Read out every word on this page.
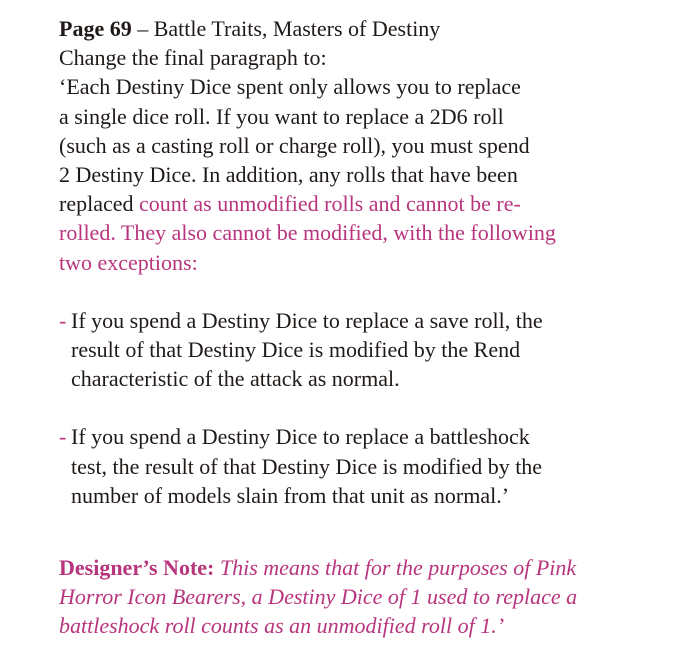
Page 69 – Battle Traits, Masters of Destiny
Change the final paragraph to:
‘Each Destiny Dice spent only allows you to replace
a single dice roll. If you want to replace a 2D6 roll
(such as a casting roll or charge roll), you must spend
2 Destiny Dice. In addition, any rolls that have been
replaced count as unmodified rolls and cannot be re-
rolled. They also cannot be modified, with the following
two exceptions:
- If you spend a Destiny Dice to replace a save roll, the
result of that Destiny Dice is modified by the Rend
characteristic of the attack as normal.
- If you spend a Destiny Dice to replace a battleshock
test, the result of that Destiny Dice is modified by the
number of models slain from that unit as normal.’
Designer’s Note: This means that for the purposes of Pink
Horror Icon Bearers, a Destiny Dice of 1 used to replace a
battleshock roll counts as an unmodified roll of 1.’
